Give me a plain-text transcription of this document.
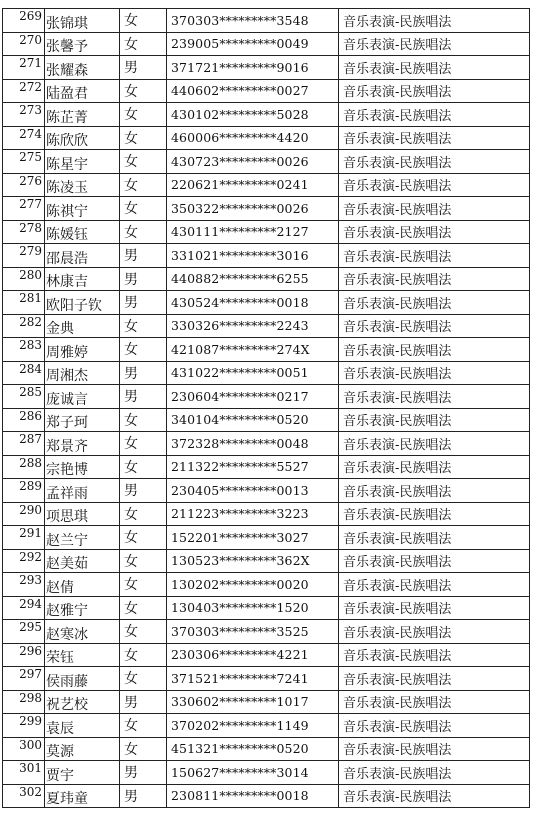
269	张锦琪	女	370303*********3548	音乐表演-民族唱法
270	张馨予	女	239005*********0049	音乐表演-民族唱法
271	张耀森	男	371721*********9016	音乐表演-民族唱法
272	陆盈君	女	440602*********0027	音乐表演-民族唱法
273	陈芷菁	女	430102*********5028	音乐表演-民族唱法
274	陈欣欣	女	460006*********4420	音乐表演-民族唱法
275	陈星宇	女	430723*********0026	音乐表演-民族唱法
276	陈凌玉	女	220621*********0241	音乐表演-民族唱法
277	陈祺宁	女	350322*********0026	音乐表演-民族唱法
278	陈媛钰	女	430111*********2127	音乐表演-民族唱法
279	邵晨浩	男	331021*********3016	音乐表演-民族唱法
280	林康吉	男	440882*********6255	音乐表演-民族唱法
281	欧阳子钦	男	430524*********0018	音乐表演-民族唱法
282	金典	女	330326*********2243	音乐表演-民族唱法
283	周雅婷	女	421087*********274X	音乐表演-民族唱法
284	周湘杰	男	431022*********0051	音乐表演-民族唱法
285	庞诚言	男	230604*********0217	音乐表演-民族唱法
286	郑子珂	女	340104*********0520	音乐表演-民族唱法
287	郑景齐	女	372328*********0048	音乐表演-民族唱法
288	宗艳博	女	211322*********5527	音乐表演-民族唱法
289	孟祥雨	男	230405*********0013	音乐表演-民族唱法
290	项思琪	女	211223*********3223	音乐表演-民族唱法
291	赵兰宁	女	152201*********3027	音乐表演-民族唱法
292	赵美茹	女	130523*********362X	音乐表演-民族唱法
293	赵倩	女	130202*********0020	音乐表演-民族唱法
294	赵雅宁	女	130403*********1520	音乐表演-民族唱法
295	赵寒冰	女	370303*********3525	音乐表演-民族唱法
296	荣钰	女	230306*********4221	音乐表演-民族唱法
297	侯雨藤	女	371521*********7241	音乐表演-民族唱法
298	祝艺校	男	330602*********1017	音乐表演-民族唱法
299	袁辰	女	370202*********1149	音乐表演-民族唱法
300	莫源	女	451321*********0520	音乐表演-民族唱法
301	贾宇	男	150627*********3014	音乐表演-民族唱法
302	夏玮童	男	230811*********0018	音乐表演-民族唱法
